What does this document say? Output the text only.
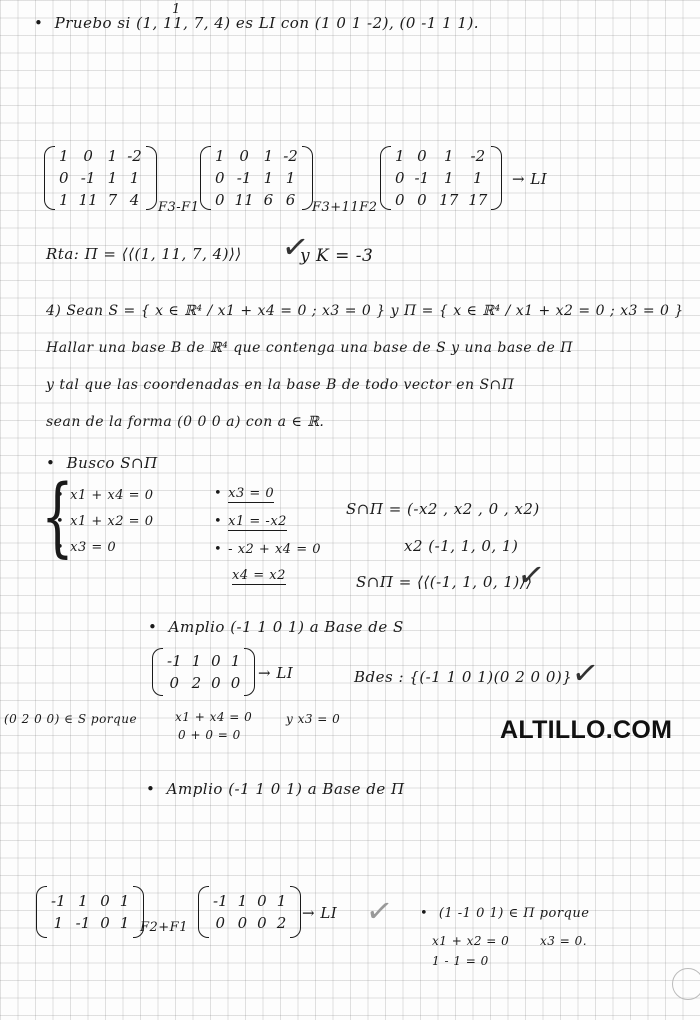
• Pruebo si (1, 11, 7, 4) es LI con (1 0 1 -2), (0 -1 1 1).
1
1 0 1 -2
0 -1 1 1
1 11 7 4 F3-F1
1 0 1 -2
0 -1 1 1
0 11 6 6 F3+11F2
1 0	1	-2
0 -1 1	1
0 0 17 17
→ LI
Rta: Π = ⟨⟨(1, 11, 7, 4)⟩⟩ ✓
y K = -3
4) Sean S = { x ∈ ℝ⁴ / x1 + x4 = 0 ; x3 = 0 } y Π = { x ∈ ℝ⁴ / x1 + x2 = 0 ; x3 = 0 }
Hallar una base B de ℝ⁴ que contenga una base de S y una base de Π
y tal que las coordenadas en la base B de todo vector en S∩Π
sean de la forma (0 0 0 a) con a ∈ ℝ.
• Busco S∩Π
{
• x1 + x4 = 0
• x1 + x2 = 0
• x3 = 0
• x3 = 0
• x1 = -x2
• - x2 + x4 = 0
x4 = x2
S∩Π = (-x2 , x2 , 0 , x2)
x2 (-1, 1, 0, 1)
S∩Π = ⟨⟨(-1, 1, 0, 1)⟩⟩
✓
• Amplio (-1 1 0 1) a Base de S
-1 1 0 1
0 2 0 0
→ LI	Bdes : {(-1 1 0 1)(0 2 0 0)}
✓
(0 2 0 0) ∈ S porque	x1 + x4 = 0
0 + 0 = 0
y x3 = 0	ALTILLO.COM
• Amplio (-1 1 0 1) a Base de Π
-1 1 0 1
1 -1 0 1 F2+F1
-1 1 0 1
0 0 0 2
→ LI ✓
•	(1 -1 0 1) ∈ Π porque
x1 + x2 = 0	x3 = 0.
1 - 1 = 0
